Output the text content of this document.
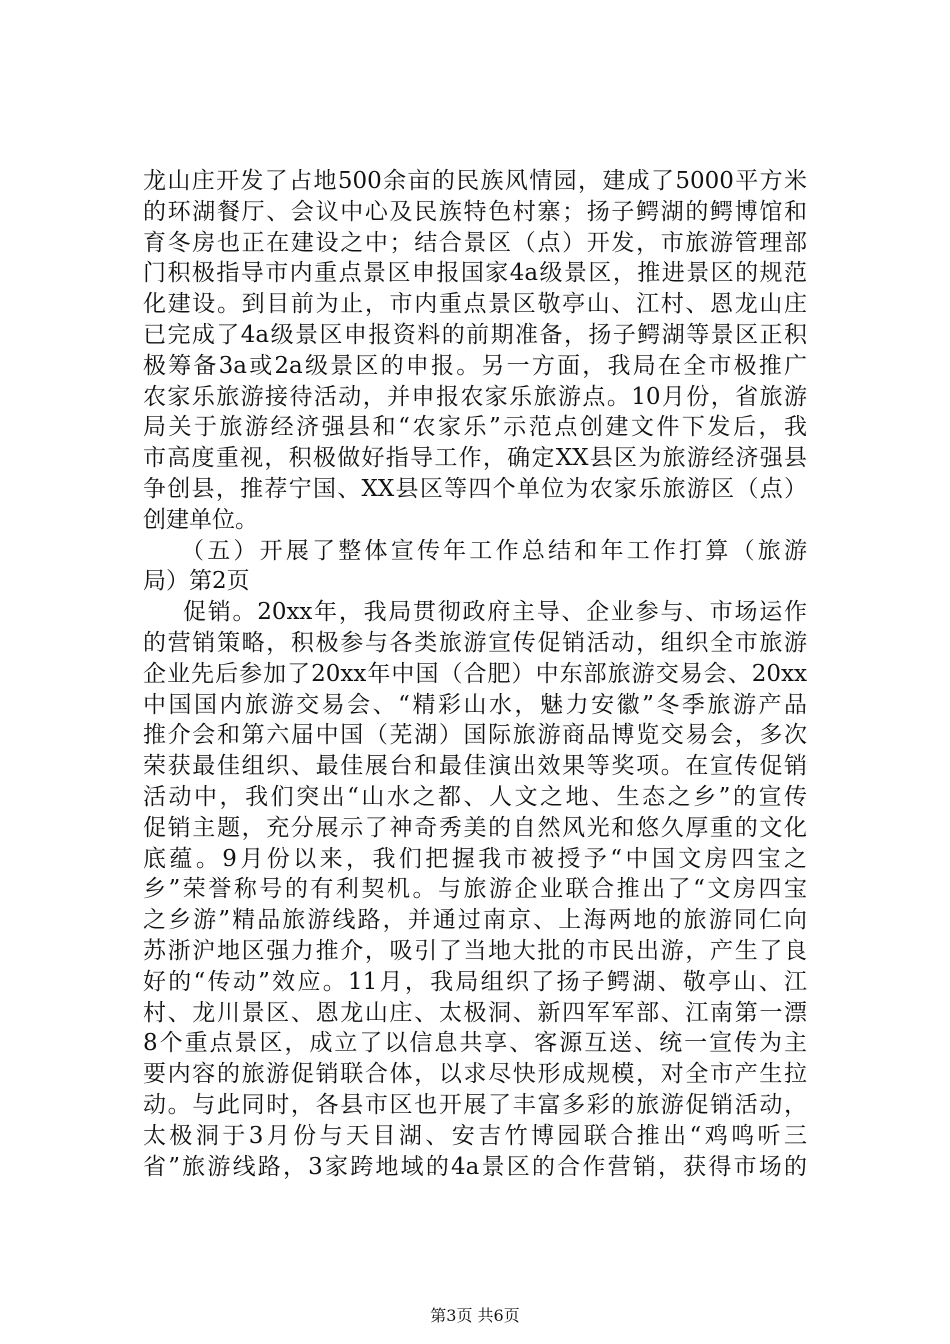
龙山庄开发了占地500余亩的民族风情园，建成了5000平方米
的环湖餐厅、会议中心及民族特色村寨；扬子鳄湖的鳄博馆和
育冬房也正在建设之中；结合景区（点）开发，市旅游管理部
门积极指导市内重点景区申报国家4a级景区，推进景区的规范
化建设。到目前为止，市内重点景区敬亭山、江村、恩龙山庄
已完成了4a级景区申报资料的前期准备，扬子鳄湖等景区正积
极筹备3a或2a级景区的申报。另一方面，我局在全市极推广
农家乐旅游接待活动，并申报农家乐旅游点。10月份，省旅游
局关于旅游经济强县和“农家乐”示范点创建文件下发后，我
市高度重视，积极做好指导工作，确定XX县区为旅游经济强县
争创县，推荐宁国、XX县区等四个单位为农家乐旅游区（点）
创建单位。
（五）开展了整体宣传年工作总结和年工作打算（旅游
局）第2页
促销。20xx年，我局贯彻政府主导、企业参与、市场运作
的营销策略，积极参与各类旅游宣传促销活动，组织全市旅游
企业先后参加了20xx年中国（合肥）中东部旅游交易会、20xx
中国国内旅游交易会、“精彩山水，魅力安徽”冬季旅游产品
推介会和第六届中国（芜湖）国际旅游商品博览交易会，多次
荣获最佳组织、最佳展台和最佳演出效果等奖项。在宣传促销
活动中，我们突出“山水之都、人文之地、生态之乡”的宣传
促销主题，充分展示了神奇秀美的自然风光和悠久厚重的文化
底蕴。9月份以来，我们把握我市被授予“中国文房四宝之
乡”荣誉称号的有利契机。与旅游企业联合推出了“文房四宝
之乡游”精品旅游线路，并通过南京、上海两地的旅游同仁向
苏浙沪地区强力推介，吸引了当地大批的市民出游，产生了良
好的“传动”效应。11月，我局组织了扬子鳄湖、敬亭山、江
村、龙川景区、恩龙山庄、太极洞、新四军军部、江南第一漂
8个重点景区，成立了以信息共享、客源互送、统一宣传为主
要内容的旅游促销联合体，以求尽快形成规模，对全市产生拉
动。与此同时，各县市区也开展了丰富多彩的旅游促销活动，
太极洞于3月份与天目湖、安吉竹博园联合推出“鸡鸣听三
省”旅游线路，3家跨地域的4a景区的合作营销，获得市场的
第3页 共6页
